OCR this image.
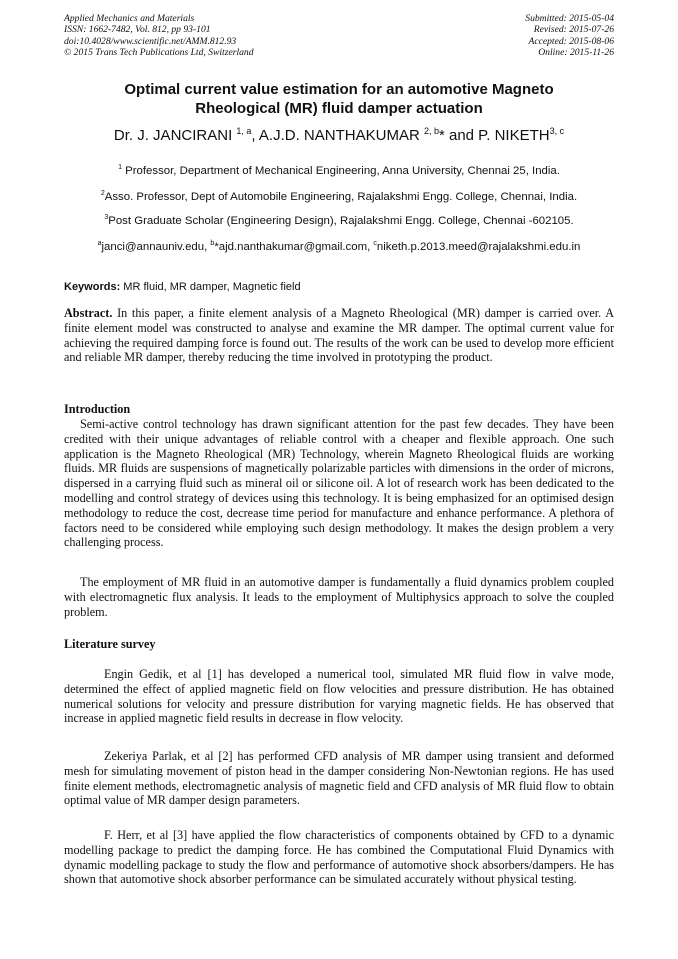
Applied Mechanics and Materials
ISSN: 1662-7482, Vol. 812, pp 93-101
doi:10.4028/www.scientific.net/AMM.812.93
© 2015 Trans Tech Publications Ltd, Switzerland
Submitted: 2015-05-04
Revised: 2015-07-26
Accepted: 2015-08-06
Online: 2015-11-26
Optimal current value estimation for an automotive Magneto
Rheological (MR) fluid damper actuation
Dr. J. JANCIRANI $^{1, a}$, A.J.D. NANTHAKUMAR $^{2, b}$* and P. NIKETH$^{3, c}$
$^1$ Professor, Department of Mechanical Engineering, Anna University, Chennai 25, India.
$^2$Asso. Professor, Dept of Automobile Engineering, Rajalakshmi Engg. College, Chennai, India.
$^3$Post Graduate Scholar (Engineering Design), Rajalakshmi Engg. College, Chennai -602105.
$^a$janci@annauniv.edu, $^b$*ajd.nanthakumar@gmail.com, $^c$niketh.p.2013.meed@rajalakshmi.edu.in
Keywords: MR fluid, MR damper, Magnetic field
Abstract. In this paper, a finite element analysis of a Magneto Rheological (MR) damper is carried over. A finite element model was constructed to analyse and examine the MR damper. The optimal current value for achieving the required damping force is found out. The results of the work can be used to develop more efficient and reliable MR damper, thereby reducing the time involved in prototyping the product.
Introduction
Semi-active control technology has drawn significant attention for the past few decades. They have been credited with their unique advantages of reliable control with a cheaper and flexible approach. One such application is the Magneto Rheological (MR) Technology, wherein Magneto Rheological fluids are working fluids. MR fluids are suspensions of magnetically polarizable particles with dimensions in the order of microns, dispersed in a carrying fluid such as mineral oil or silicone oil. A lot of research work has been dedicated to the modelling and control strategy of devices using this technology. It is being emphasized for an optimised design methodology to reduce the cost, decrease time period for manufacture and enhance performance. A plethora of factors need to be considered while employing such design methodology. It makes the design problem a very challenging process.
The employment of MR fluid in an automotive damper is fundamentally a fluid dynamics problem coupled with electromagnetic flux analysis. It leads to the employment of Multiphysics approach to solve the coupled problem.
Literature survey
Engin Gedik, et al [1] has developed a numerical tool, simulated MR fluid flow in valve mode, determined the effect of applied magnetic field on flow velocities and pressure distribution. He has obtained numerical solutions for velocity and pressure distribution for varying magnetic fields. He has observed that increase in applied magnetic field results in decrease in flow velocity.
Zekeriya Parlak, et al [2] has performed CFD analysis of MR damper using transient and deformed mesh for simulating movement of piston head in the damper considering Non-Newtonian regions. He has used finite element methods, electromagnetic analysis of magnetic field and CFD analysis of MR fluid flow to obtain optimal value of MR damper design parameters.
F. Herr, et al [3] have applied the flow characteristics of components obtained by CFD to a dynamic modelling package to predict the damping force. He has combined the Computational Fluid Dynamics with dynamic modelling package to study the flow and performance of automotive shock absorbers/dampers. He has shown that automotive shock absorber performance can be simulated accurately without physical testing.
